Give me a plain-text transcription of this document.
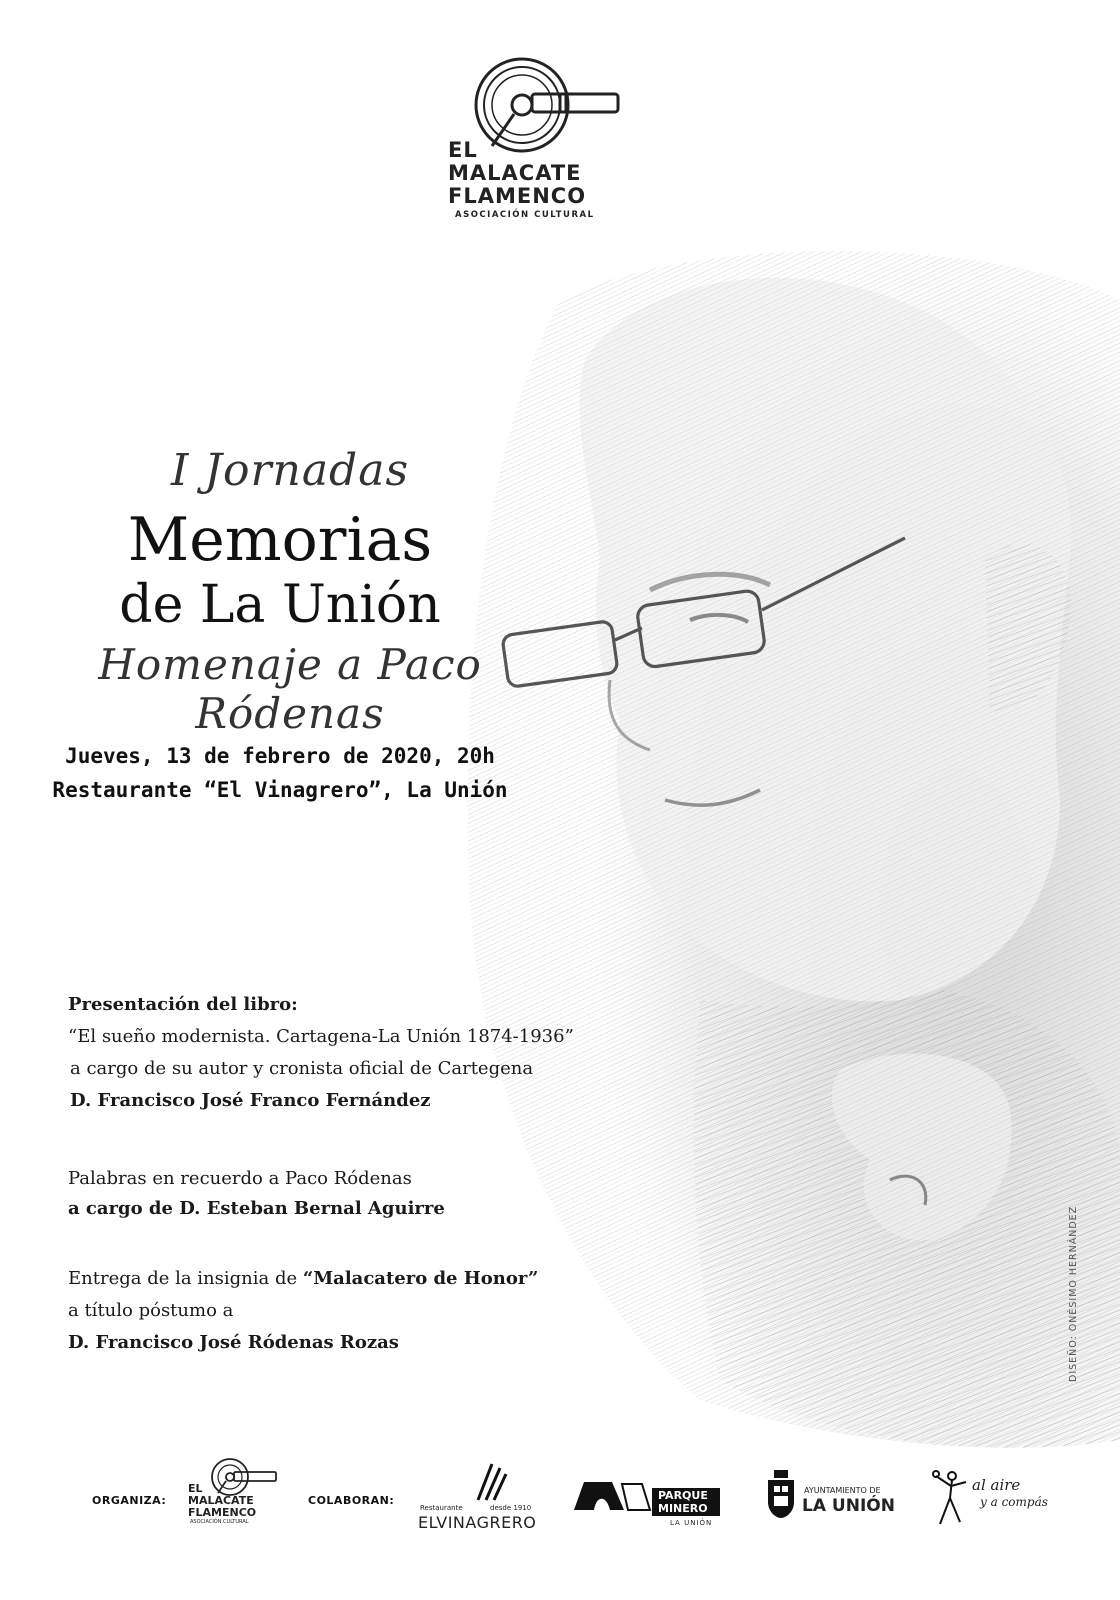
EL
MALACATE
FLAMENCO
ASOCIACIÓN CULTURAL
I Jornadas
Memorias
de La Unión
Homenaje a Paco Ródenas
Jueves, 13 de febrero de 2020, 20h
Restaurante “El Vinagrero”, La Unión
Presentación del libro:
“El sueño modernista. Cartagena-La Unión 1874-1936”
a cargo de su autor y cronista oficial de Cartegena
D. Francisco José Franco Fernández
Palabras en recuerdo a Paco Ródenas
a cargo de D. Esteban Bernal Aguirre
Entrega de la insignia de “Malacatero de Honor”
a título póstumo a
D. Francisco José Ródenas Rozas	DISEÑO: ONÉSIMO HERNÁNDEZ
ORGANIZA:
EL
MALACATE
FLAMENCO
ASOCIACIÓN CULTURAL
COLABORAN:
Restaurante	desde 1910
ELVINAGRERO
PARQUE
MINERO
LA UNIÓN
AYUNTAMIENTO DE
LA UNIÓN
al aire
y a compás
